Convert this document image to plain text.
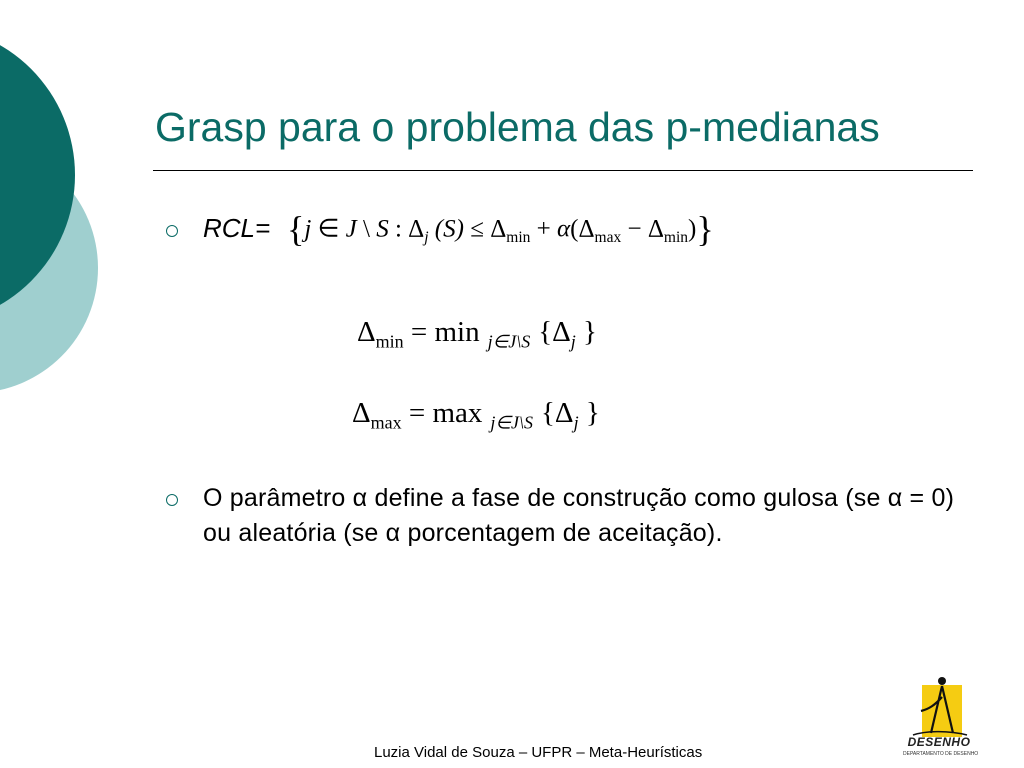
Grasp para o problema das p-medianas
RCL= {j ∈ J \ S : $\Delta_j$ $(S) \le \Delta_{min} + \alpha(\Delta_{max} - \Delta_{min})$}
$\Delta_{min} = \min _{j\in J\backslash S}$ {$\Delta_j$ }
$\Delta_{max} = \max _{j\in J\backslash S}$ {$\Delta_j$ }

O parâmetro α define a fase de construção como gulosa (se α = 0) ou aleatória (se α porcentagem de aceitação).

Luzia Vidal de Souza – UFPR – Meta-Heurísticas
DESENHO
DEPARTAMENTO DE DESENHO
